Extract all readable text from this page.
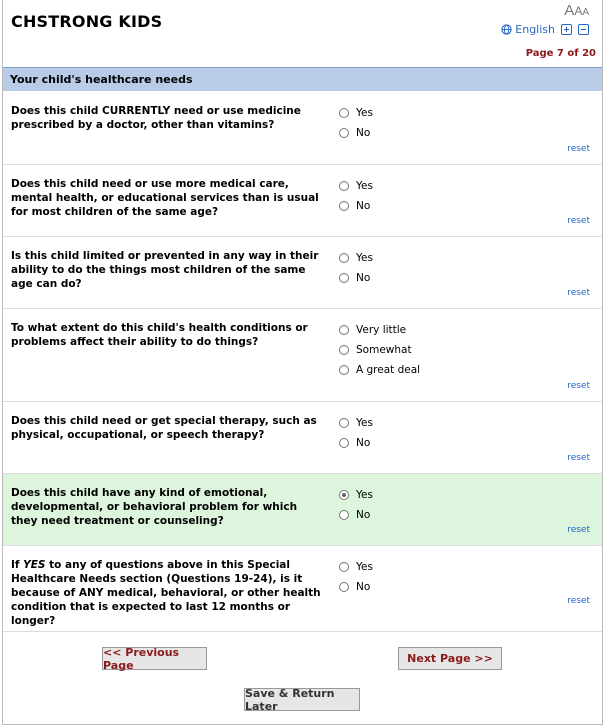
CHSTRONG KIDS
AAA
English
Page 7 of 20
Your child's healthcare needs
Does this child CURRENTLY need or use medicine prescribed by a doctor, other than vitamins?
Yes
No
reset
Does this child need or use more medical care, mental health, or educational services than is usual for most children of the same age?
Yes
No
reset
Is this child limited or prevented in any way in their ability to do the things most children of the same age can do?
Yes
No
reset
To what extent do this child's health conditions or problems affect their ability to do things?
Very little
Somewhat
A great deal
reset
Does this child need or get special therapy, such as physical, occupational, or speech therapy?
Yes
No
reset
Does this child have any kind of emotional, developmental, or behavioral problem for which they need treatment or counseling?
Yes
No
reset
If YES to any of questions above in this Special Healthcare Needs section (Questions 19-24), is it because of ANY medical, behavioral, or other health condition that is expected to last 12 months or longer?
Yes
No
reset
<< Previous Page	Next Page >>
Save & Return Later
